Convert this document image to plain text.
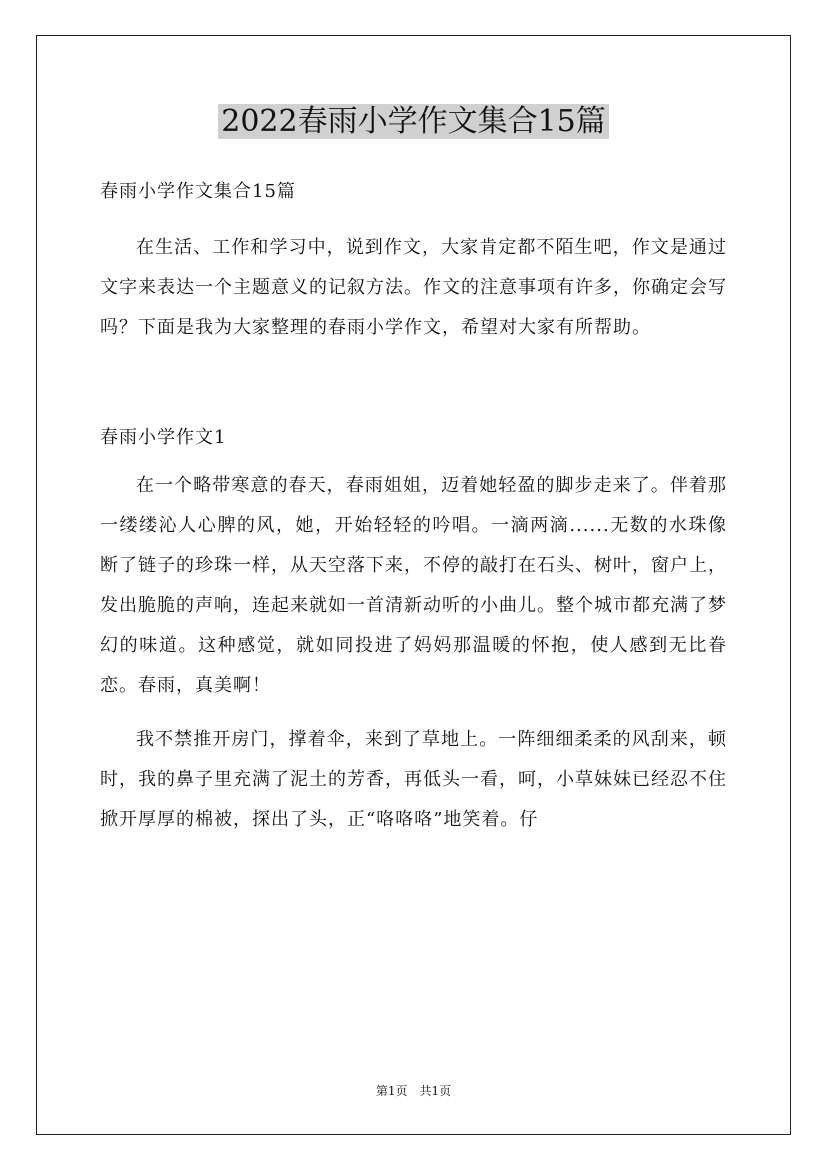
2022春雨小学作文集合15篇

春雨小学作文集合15篇

在生活、工作和学习中，说到作文，大家肯定都不陌生吧，作文是通过文字来表达一个主题意义的记叙方法。作文的注意事项有许多，你确定会写吗？下面是我为大家整理的春雨小学作文，希望对大家有所帮助。

春雨小学作文1

在一个略带寒意的春天，春雨姐姐，迈着她轻盈的脚步走来了。伴着那一缕缕沁人心脾的风，她，开始轻轻的吟唱。一滴两滴......无数的水珠像断了链子的珍珠一样，从天空落下来，不停的敲打在石头、树叶，窗户上，发出脆脆的声响，连起来就如一首清新动听的小曲儿。整个城市都充满了梦幻的味道。这种感觉，就如同投进了妈妈那温暖的怀抱，使人感到无比眷恋。春雨，真美啊！

我不禁推开房门，撑着伞，来到了草地上。一阵细细柔柔的风刮来，顿时，我的鼻子里充满了泥土的芳香，再低头一看，呵，小草妹妹已经忍不住掀开厚厚的棉被，探出了头，正“咯咯咯”地笑着。仔

第1页　共1页
